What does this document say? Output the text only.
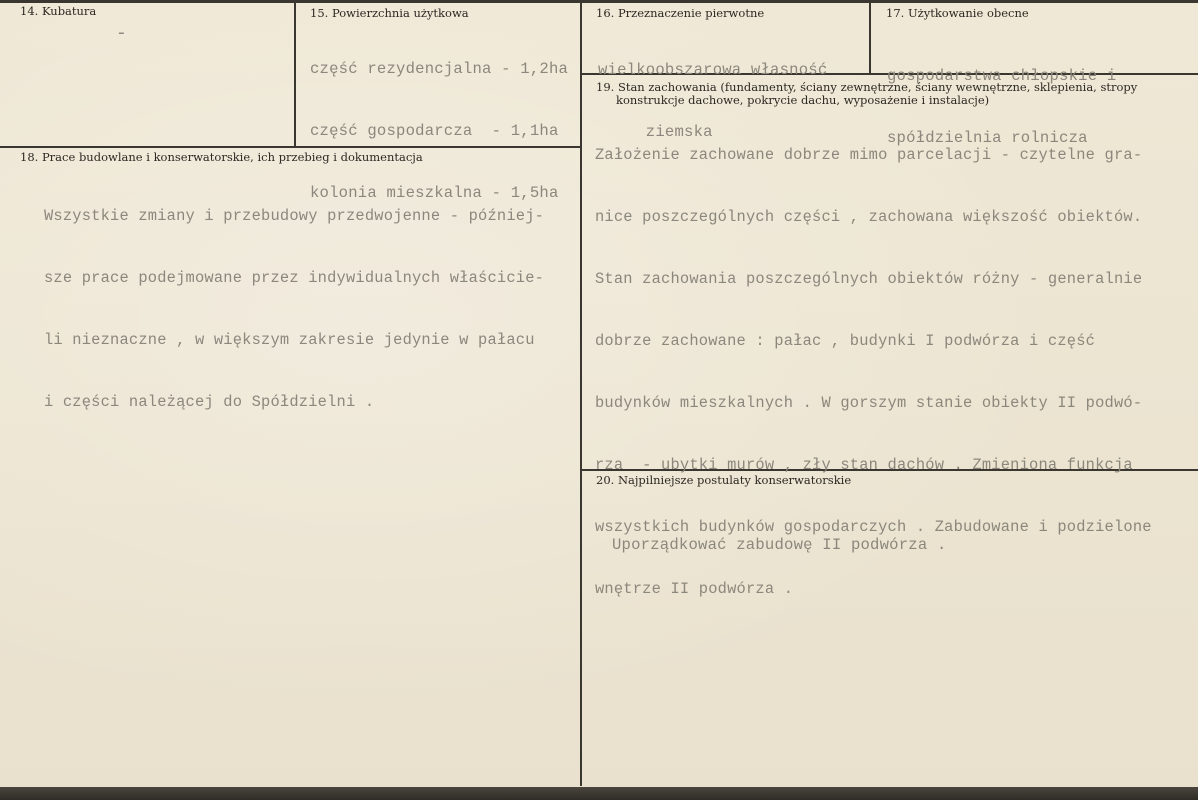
14. Kubatura
-
15. Powierzchnia użytkowa

część rezydencjalna - 1,2ha

część gospodarcza  - 1,1ha

kolonia mieszkalna - 1,5ha

16. Przeznaczenie pierwotne

wielkoobszarowa własność

ziemska

17. Użytkowanie obecne

gospodarstwa chłopskie i

spółdzielnia rolnicza

18. Prace budowlane i konserwatorskie, ich przebieg i dokumentacja

Wszystkie zmiany i przebudowy przedwojenne - później-

sze prace podejmowane przez indywidualnych właścicie-

li nieznaczne , w większym zakresie jedynie w pałacu

i części należącej do Spółdzielni .

19. Stan zachowania (fundamenty, ściany zewnętrzne, ściany wewnętrzne, sklepienia, stropy
konstrukcje dachowe, pokrycie dachu, wyposażenie i instalacje)

Założenie zachowane dobrze mimo parcelacji - czytelne gra-

nice poszczególnych części , zachowana większość obiektów.

Stan zachowania poszczególnych obiektów różny - generalnie

dobrze zachowane : pałac , budynki I podwórza i część

budynków mieszkalnych . W gorszym stanie obiekty II podwó-

rza  - ubytki murów , zły stan dachów . Zmieniona funkcja

wszystkich budynków gospodarczych . Zabudowane i podzielone

wnętrze II podwórza .

20. Najpilniejsze postulaty konserwatorskie

Uporządkować zabudowę II podwórza .
